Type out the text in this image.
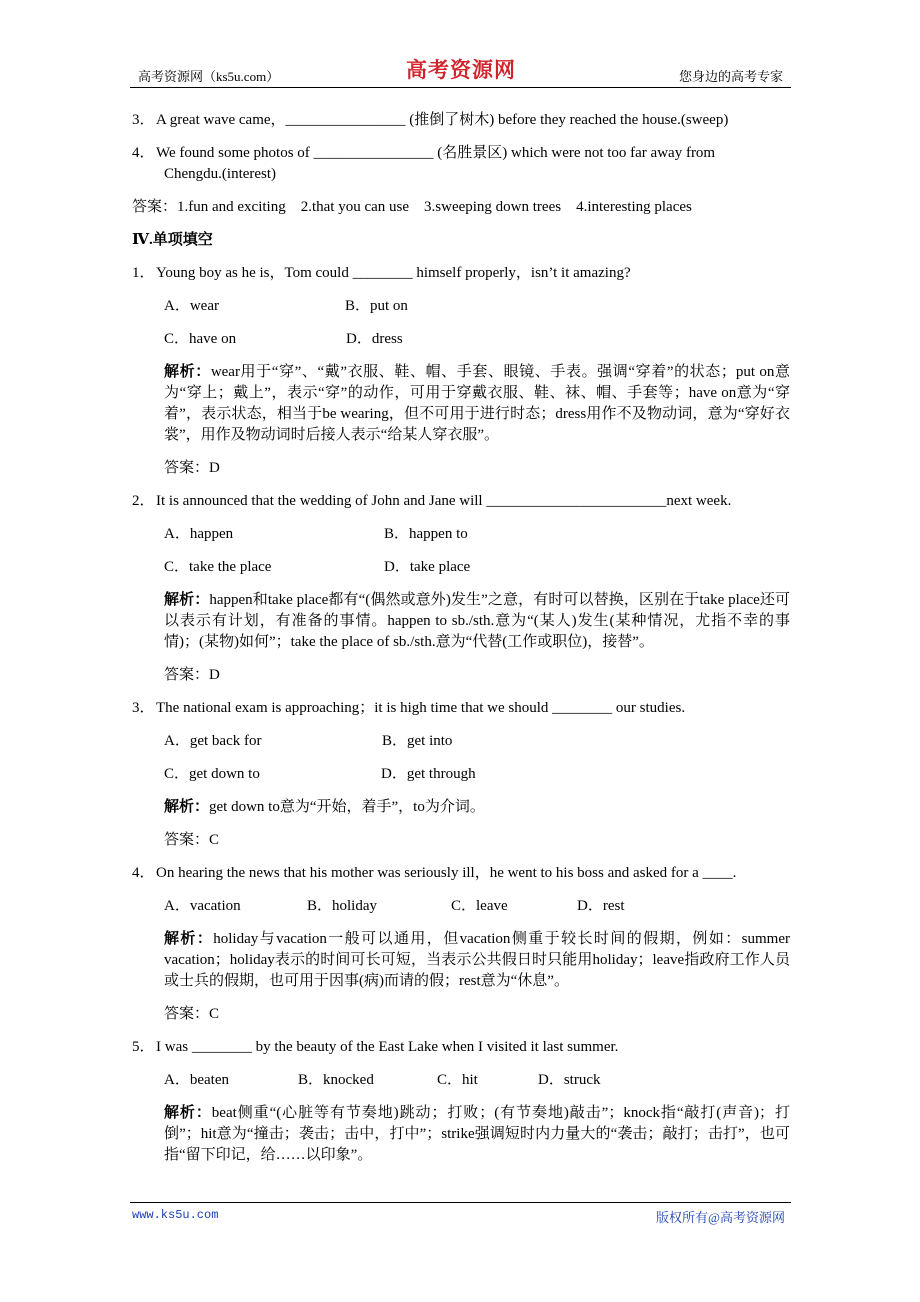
高考资源网（ks5u.com）	高考资源网	您身边的高考专家
3． A great wave came，________________ (推倒了树木) before they reached the house.(sweep)
4． We found some photos of ________________ (名胜景区) which were not too far away from
Chengdu.(interest)
答案：1.fun and exciting　2.that you can use　3.sweeping down trees　4.interesting places
Ⅳ.单项填空
1． Young boy as he is，Tom could ________ himself properly，isn’t it amazing?
A．wear	B．put on
C．have on	D．dress
解析：wear用于“穿”、“戴”衣服、鞋、帽、手套、眼镜、手表。强调“穿着”的状态；put on意为“穿上；戴上”，表示“穿”的动作，可用于穿戴衣服、鞋、袜、帽、手套等；have on意为“穿着”，表示状态，相当于be wearing，但不可用于进行时态；dress用作不及物动词，意为“穿好衣裳”，用作及物动词时后接人表示“给某人穿衣服”。
答案：D
2． It is announced that the wedding of John and Jane will ________________________next week.
A．happen	B．happen to
C．take the place	D．take place
解析：happen和take place都有“(偶然或意外)发生”之意，有时可以替换，区别在于take place还可以表示有计划，有准备的事情。happen to sb./sth.意为“(某人)发生(某种情况，尤指不幸的事情)；(某物)如何”；take the place of sb./sth.意为“代替(工作或职位)，接替”。
答案：D
3． The national exam is approaching；it is high time that we should ________ our studies.
A．get back for	B．get into
C．get down to	D．get through
解析：get down to意为“开始，着手”，to为介词。
答案：C
4． On hearing the news that his mother was seriously ill，he went to his boss and asked for a ____.
A．vacation	B．holiday	C．leave	D．rest
解析：holiday与vacation一般可以通用，但vacation侧重于较长时间的假期，例如：summer vacation；holiday表示的时间可长可短，当表示公共假日时只能用holiday；leave指政府工作人员或士兵的假期，也可用于因事(病)而请的假；rest意为“休息”。
答案：C
5． I was ________ by the beauty of the East Lake when I visited it last summer.
A．beaten	B．knocked	C．hit	D．struck
解析：beat侧重“(心脏等有节奏地)跳动；打败；(有节奏地)敲击”；knock指“敲打(声音)；打倒”；hit意为“撞击；袭击；击中，打中”；strike强调短时内力量大的“袭击；敲打；击打”，也可指“留下印记，给……以印象”。
www.ks5u.com	版权所有@高考资源网
